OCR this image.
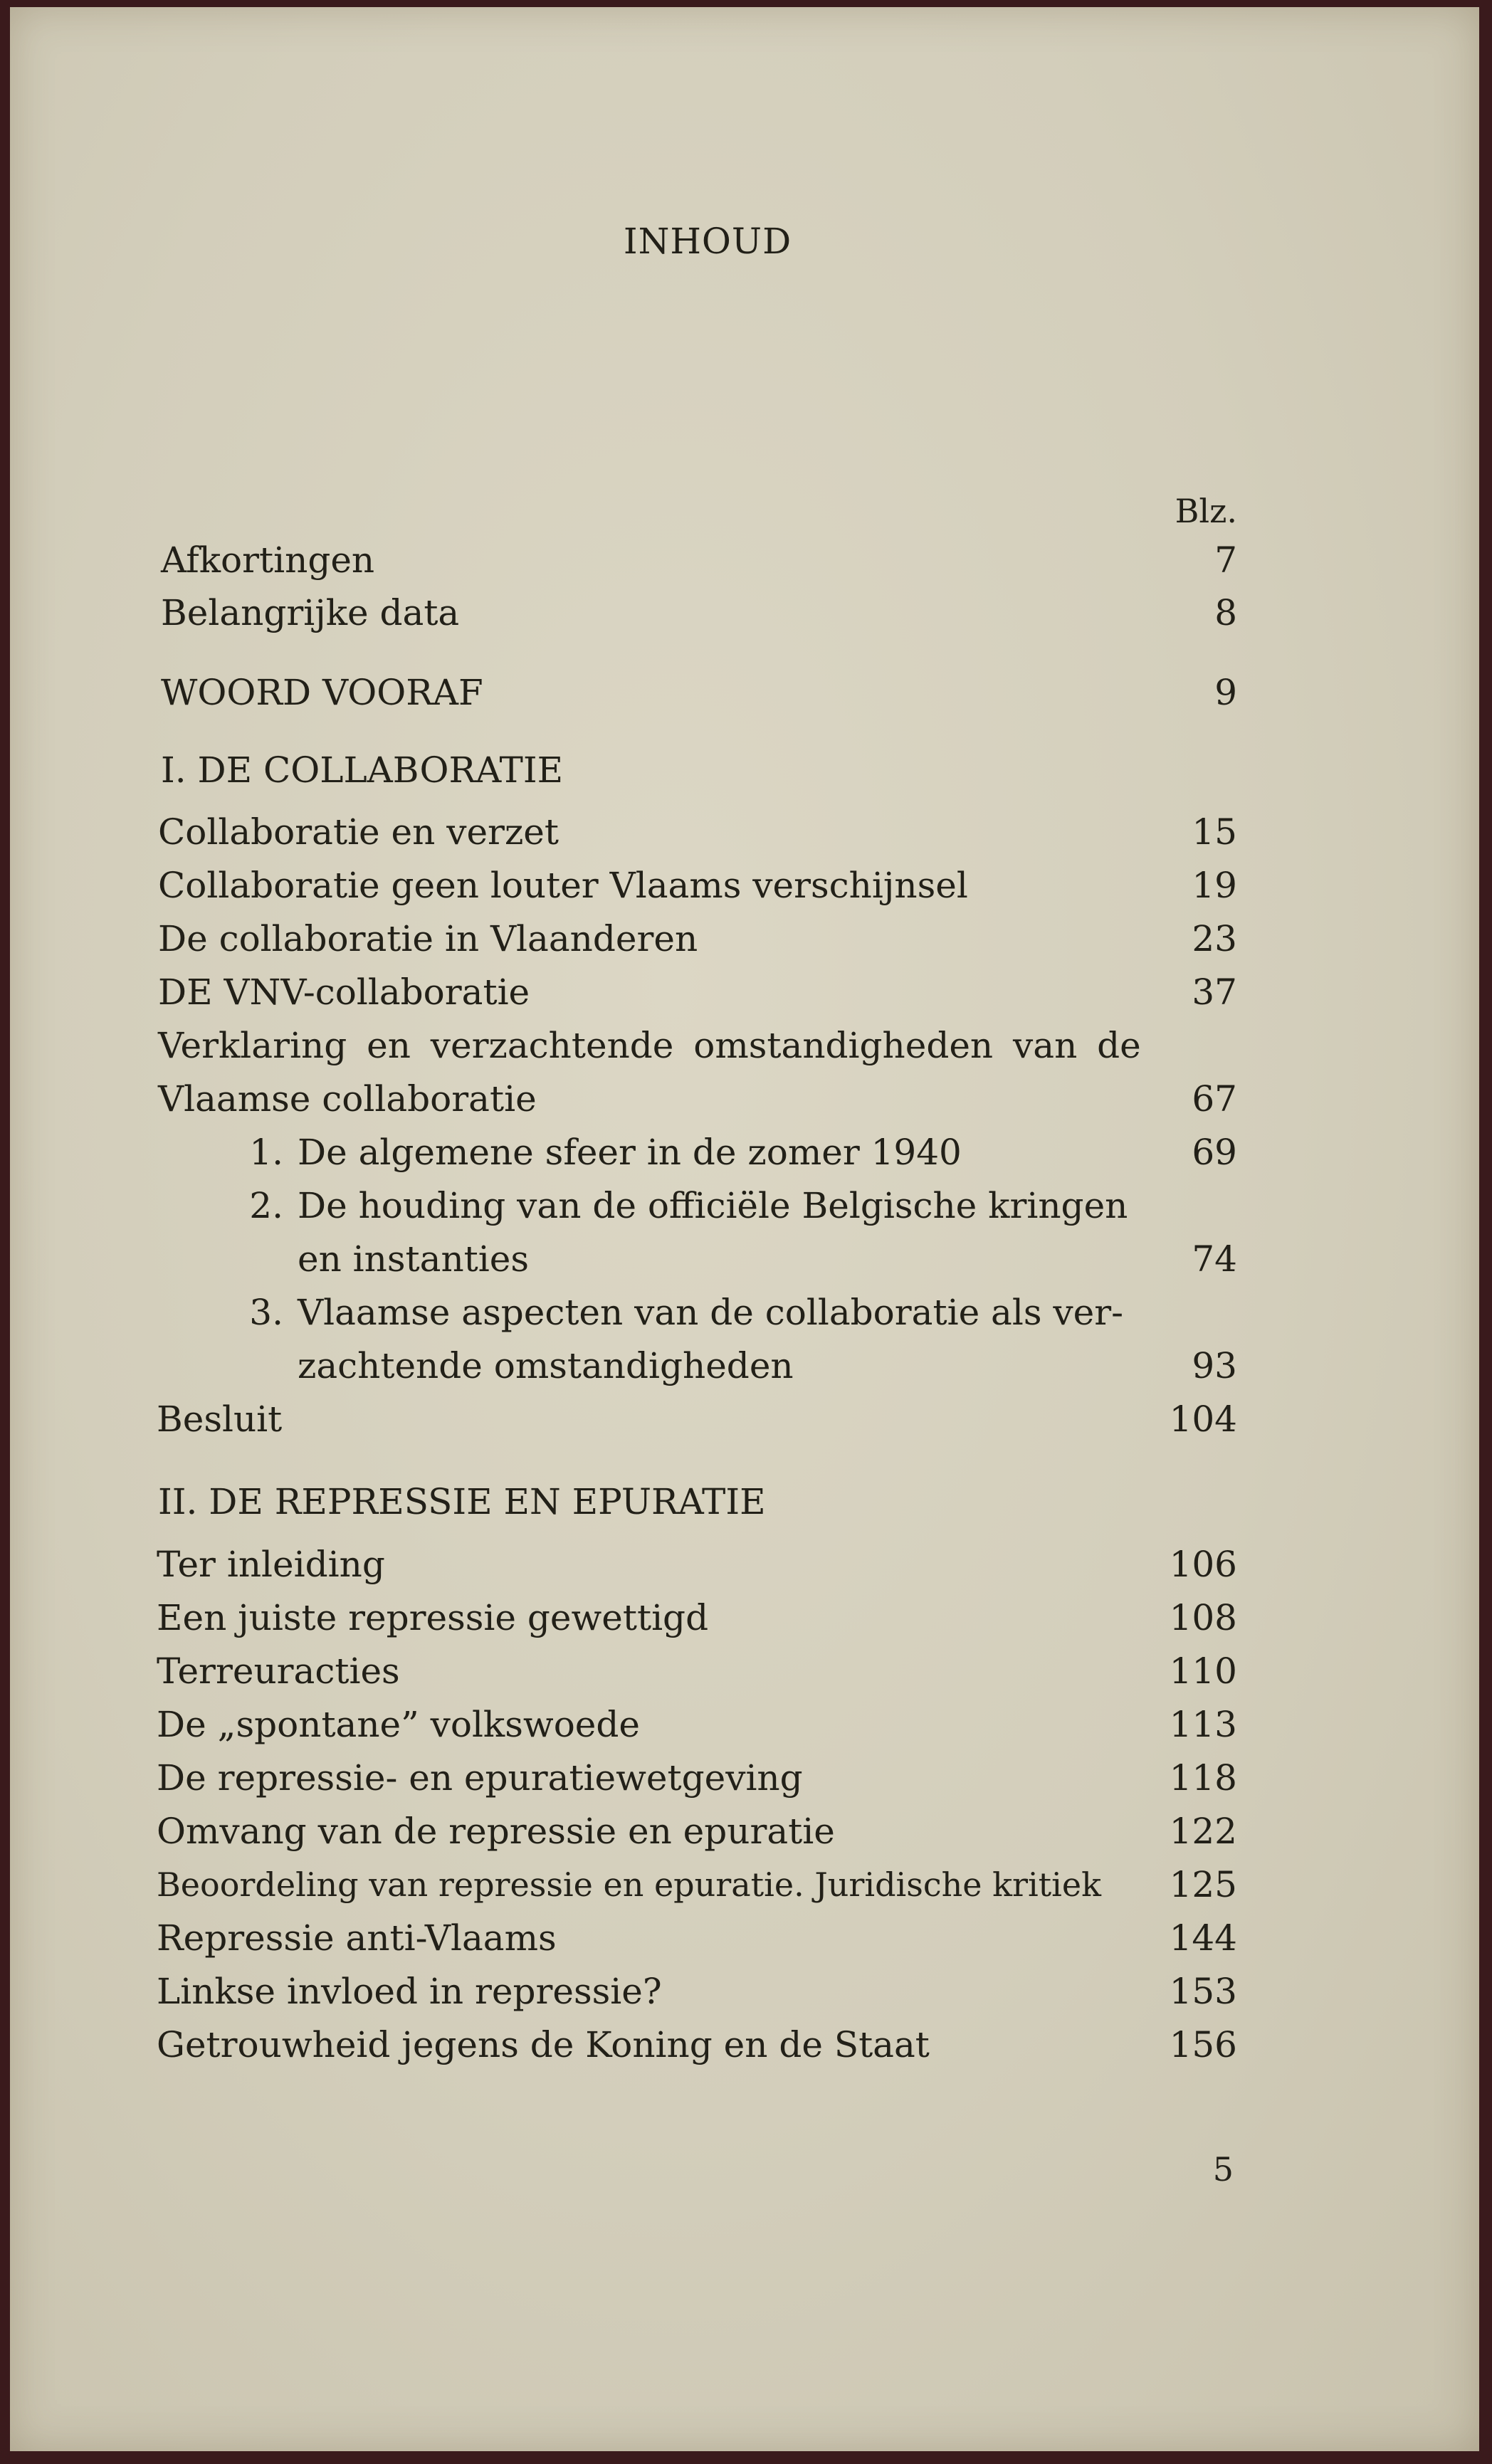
INHOUD
Blz.
Afkortingen	7
Belangrijke data	8
WOORD VOORAF	9
I. DE COLLABORATIE
Collaboratie en verzet	15
Collaboratie geen louter Vlaams verschijnsel	19
De collaboratie in Vlaanderen	23
DE VNV-collaboratie	37
Verklaring en verzachtende omstandigheden van de
Vlaamse collaboratie	67
1. De algemene sfeer in de zomer 1940	69
2. De houding van de officiële Belgische kringen
en instanties	74
3. Vlaamse aspecten van de collaboratie als ver-
zachtende omstandigheden	93
Besluit	104
II. DE REPRESSIE EN EPURATIE
Ter inleiding	106
Een juiste repressie gewettigd	108
Terreuracties	110
De „spontane” volkswoede	113
De repressie- en epuratiewetgeving	118
Omvang van de repressie en epuratie	122
Beoordeling van repressie en epuratie. Juridische kritiek 125
Repressie anti-Vlaams	144
Linkse invloed in repressie?	153
Getrouwheid jegens de Koning en de Staat	156
5
